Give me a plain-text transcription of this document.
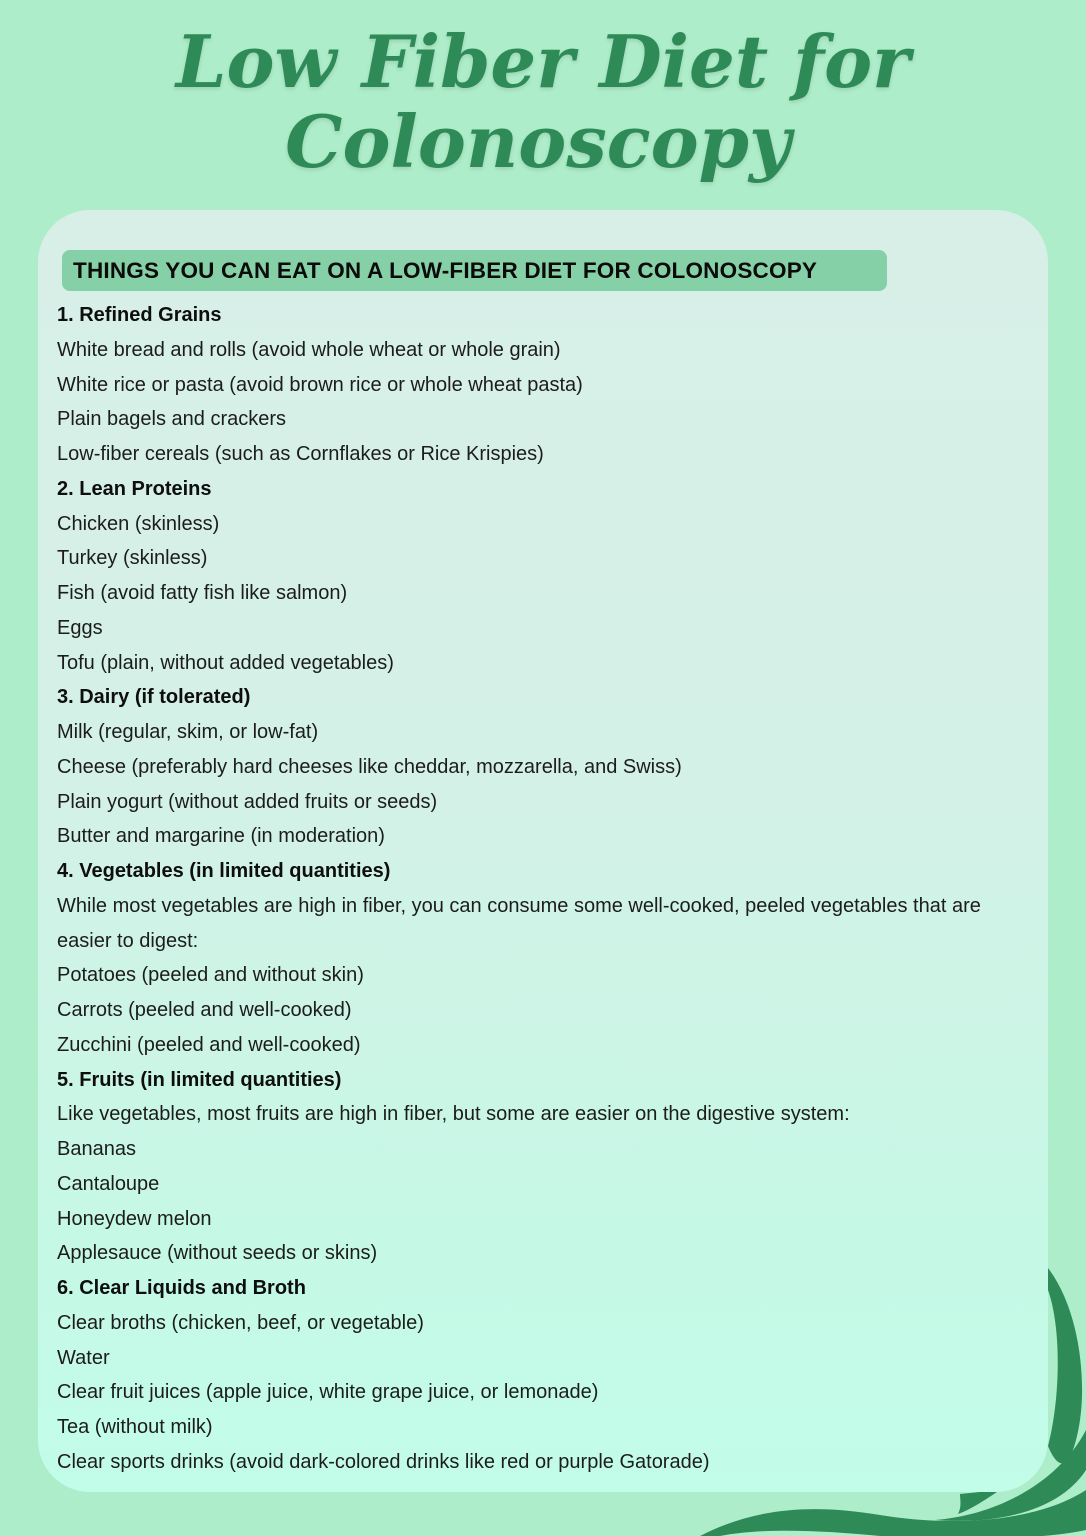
Low Fiber Diet for
Colonoscopy
THINGS YOU CAN EAT ON A LOW-FIBER DIET FOR COLONOSCOPY
1. Refined Grains
White bread and rolls (avoid whole wheat or whole grain)
White rice or pasta (avoid brown rice or whole wheat pasta)
Plain bagels and crackers
Low-fiber cereals (such as Cornflakes or Rice Krispies)
2. Lean Proteins
Chicken (skinless)
Turkey (skinless)
Fish (avoid fatty fish like salmon)
Eggs
Tofu (plain, without added vegetables)
3. Dairy (if tolerated)
Milk (regular, skim, or low-fat)
Cheese (preferably hard cheeses like cheddar, mozzarella, and Swiss)
Plain yogurt (without added fruits or seeds)
Butter and margarine (in moderation)
4. Vegetables (in limited quantities)
While most vegetables are high in fiber, you can consume some well-cooked, peeled vegetables that are
easier to digest:
Potatoes (peeled and without skin)
Carrots (peeled and well-cooked)
Zucchini (peeled and well-cooked)
5. Fruits (in limited quantities)
Like vegetables, most fruits are high in fiber, but some are easier on the digestive system:
Bananas
Cantaloupe
Honeydew melon
Applesauce (without seeds or skins)
6. Clear Liquids and Broth
Clear broths (chicken, beef, or vegetable)
Water
Clear fruit juices (apple juice, white grape juice, or lemonade)
Tea (without milk)
Clear sports drinks (avoid dark-colored drinks like red or purple Gatorade)
